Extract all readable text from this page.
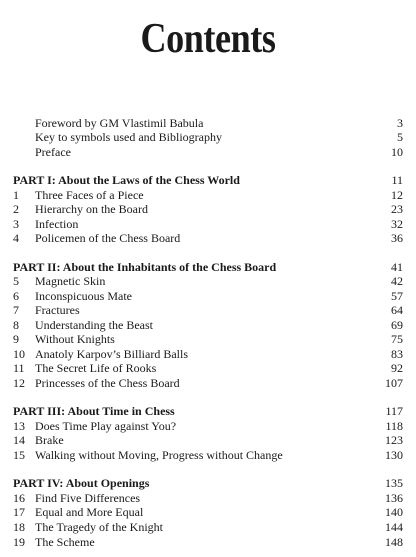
Contents
Foreword by GM Vlastimil Babula	3
Key to symbols used and Bibliography	5
Preface	10
PART I: About the Laws of the Chess World	11
1 Three Faces of a Piece	12
2 Hierarchy on the Board	23
3 Infection	32
4 Policemen of the Chess Board	36
PART II: About the Inhabitants of the Chess Board	41
5 Magnetic Skin	42
6 Inconspicuous Mate	57
7 Fractures	64
8 Understanding the Beast	69
9 Without Knights	75
10 Anatoly Karpov’s Billiard Balls	83
11 The Secret Life of Rooks	92
12 Princesses of the Chess Board	107
PART III: About Time in Chess	117
13 Does Time Play against You?	118
14 Brake	123
15 Walking without Moving, Progress without Change	130
PART IV: About Openings	135
16 Find Five Differences	136
17 Equal and More Equal	140
18 The Tragedy of the Knight	144
19 The Scheme	148
